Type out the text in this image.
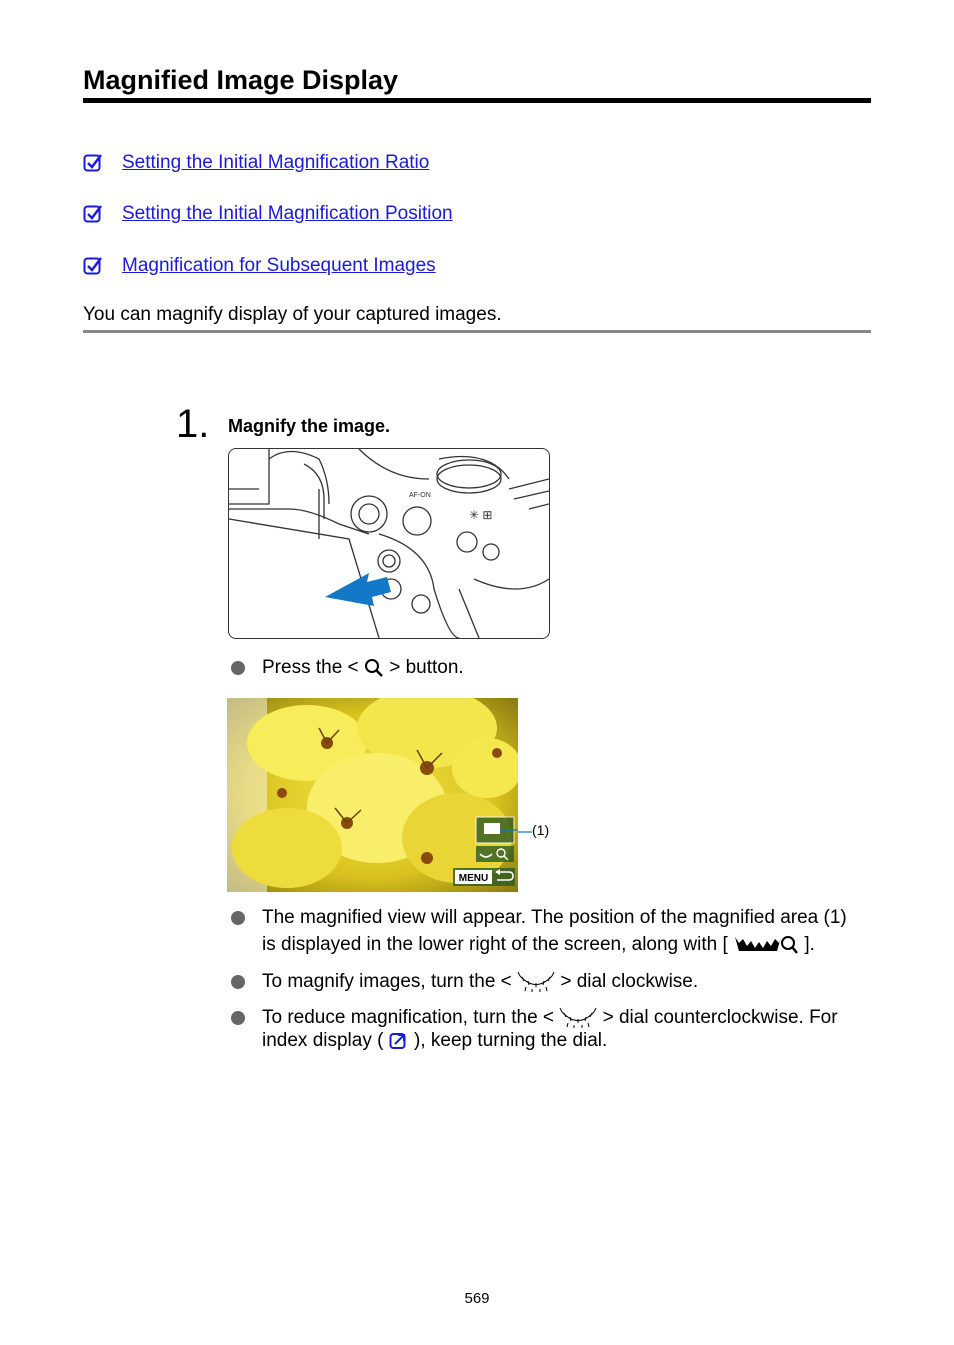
Magnified Image Display
Setting the Initial Magnification Ratio
Setting the Initial Magnification Position
Magnification for Subsequent Images
You can magnify display of your captured images.
1. Magnify the image.
AF-ON
✳ ⊞
Press the < > button.
MENU
(1)
The magnified view will appear. The position of the magnified area (1)
is displayed in the lower right of the screen, along with [	].
To magnify images, turn the <	> dial clockwise.
To reduce magnification, turn the <	> dial counterclockwise. For
index display ( ), keep turning the dial.
569
